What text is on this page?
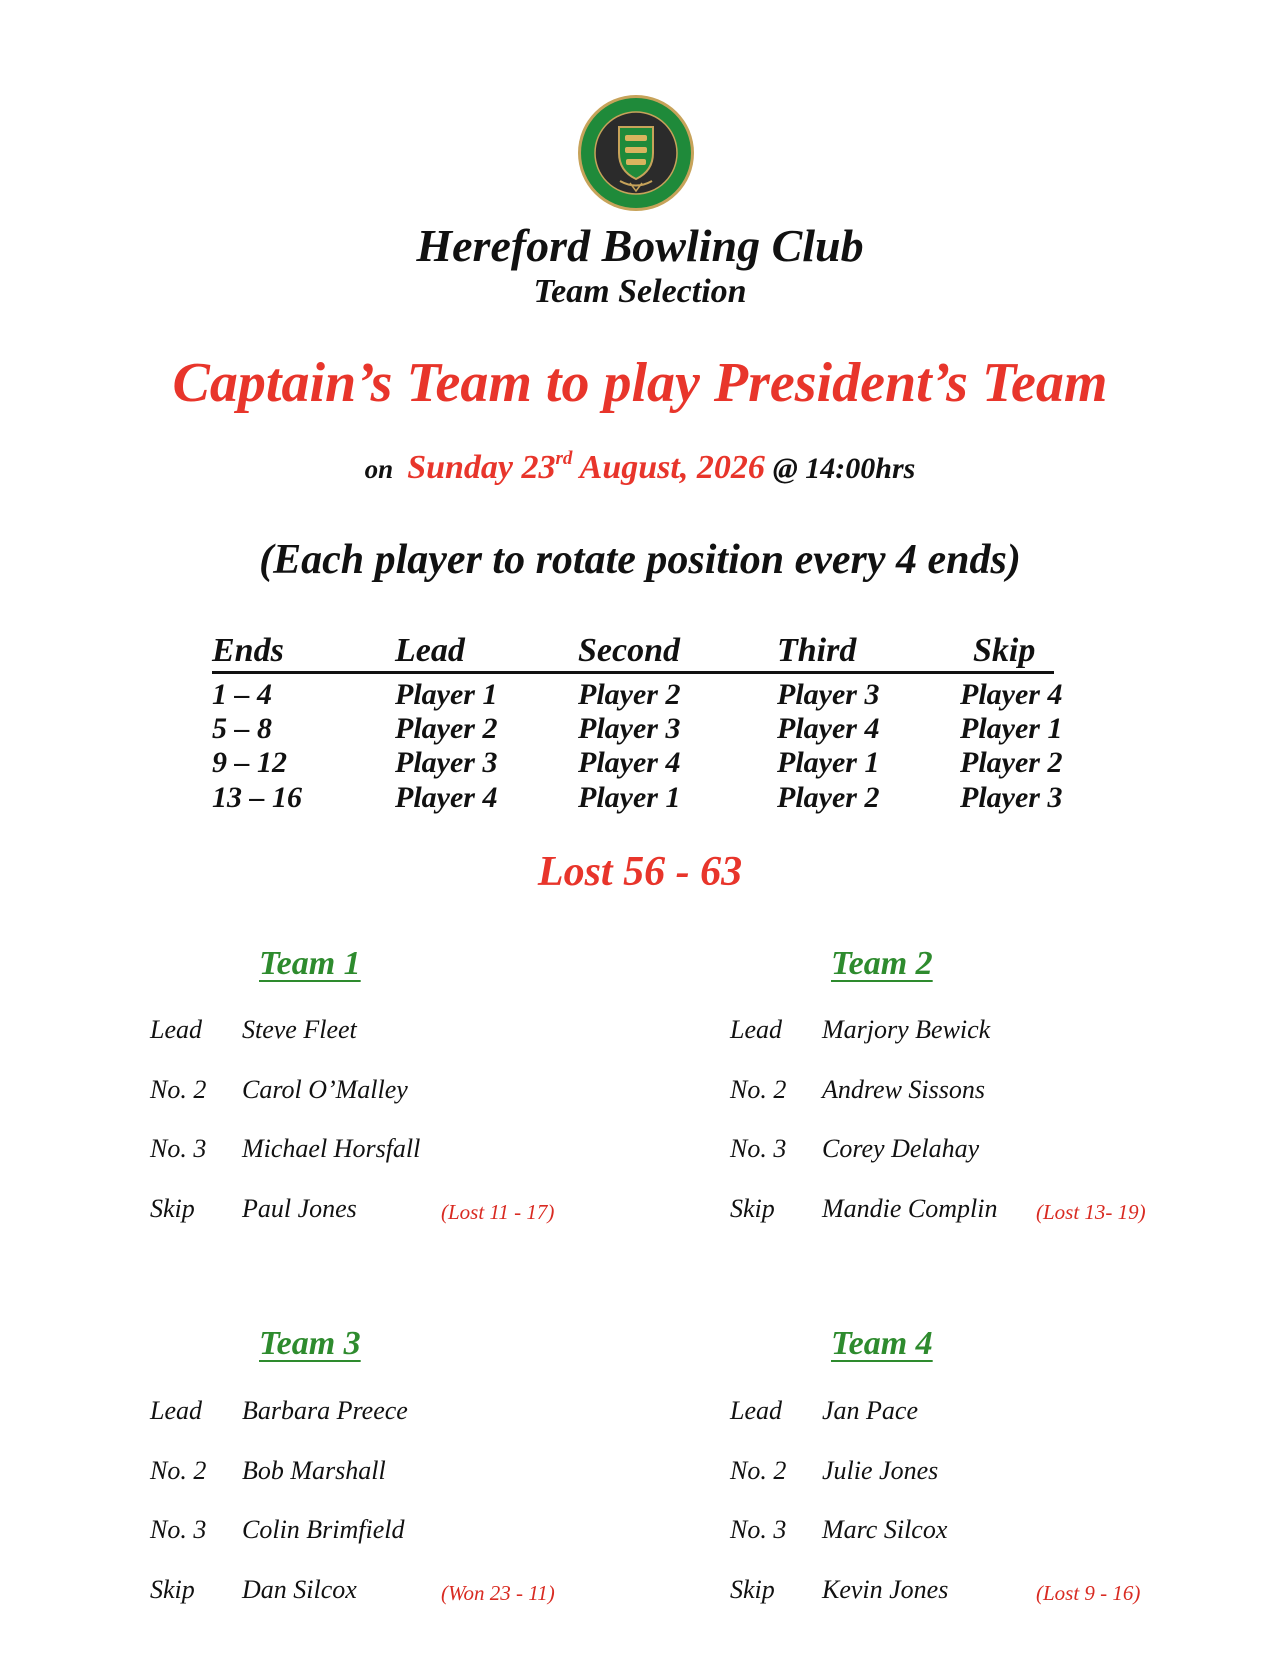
Hereford Bowling Club
Team Selection
Captain’s Team to play President’s Team
on Sunday 23rd August, 2026 @ 14:00hrs
(Each player to rotate position every 4 ends)
Ends	Lead	Second	Third	Skip
1 – 4	Player 1	Player 2	Player 3	Player 4
5 – 8	Player 2	Player 3	Player 4	Player 1
9 – 12	Player 3	Player 4	Player 1	Player 2
13 – 16	Player 4	Player 1	Player 2	Player 3
Lost 56 - 63
Team 1
Lead Steve Fleet
No. 2 Carol O’Malley
No. 3 Michael Horsfall
Skip Paul Jones	(Lost 11 - 17)
Team 2
Lead Marjory Bewick
No. 2 Andrew Sissons
No. 3 Corey Delahay
Skip Mandie Complin (Lost 13- 19)
Team 3
Lead Barbara Preece
No. 2 Bob Marshall
No. 3 Colin Brimfield
Skip Dan Silcox	(Won 23 - 11)
Team 4
Lead Jan Pace
No. 2 Julie Jones
No. 3 Marc Silcox
Skip Kevin Jones	(Lost 9 - 16)
